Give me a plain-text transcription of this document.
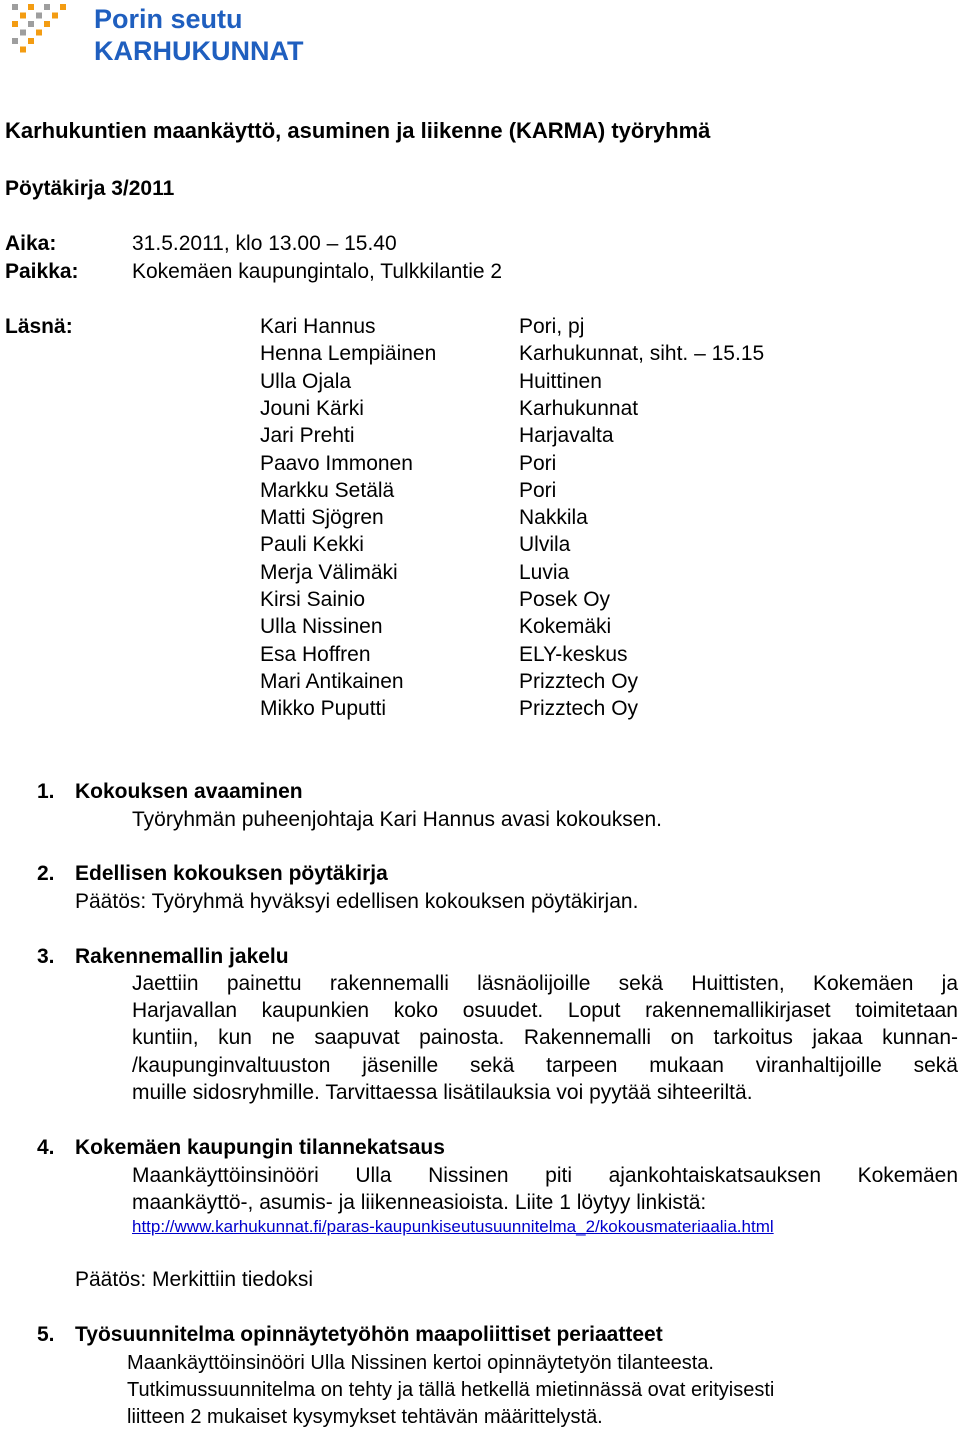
Porin seutu
KARHUKUNNAT
Karhukuntien maankäyttö, asuminen ja liikenne (KARMA) työryhmä
Pöytäkirja 3/2011
Aika:	31.5.2011, klo 13.00 – 15.40
Paikka:	Kokemäen kaupungintalo, Tulkkilantie 2
Läsnä:	Kari Hannus	Pori, pj
Henna Lempiäinen	Karhukunnat, siht. – 15.15
Ulla Ojala	Huittinen
Jouni Kärki	Karhukunnat
Jari Prehti	Harjavalta
Paavo Immonen	Pori
Markku Setälä	Pori
Matti Sjögren	Nakkila
Pauli Kekki	Ulvila
Merja Välimäki	Luvia
Kirsi Sainio	Posek Oy
Ulla Nissinen	Kokemäki
Esa Hoffren	ELY-keskus
Mari Antikainen	Prizztech Oy
Mikko Puputti	Prizztech Oy
1. Kokouksen avaaminen
Työryhmän puheenjohtaja Kari Hannus avasi kokouksen.
2. Edellisen kokouksen pöytäkirja
Päätös: Työryhmä hyväksyi edellisen kokouksen pöytäkirjan.
3. Rakennemallin jakelu
Jaettiin painettu rakennemalli läsnäolijoille sekä Huittisten, Kokemäen ja
Harjavallan kaupunkien koko osuudet. Loput rakennemallikirjaset toimitetaan
kuntiin, kun ne saapuvat painosta. Rakennemalli on tarkoitus jakaa kunnan-
/kaupunginvaltuuston jäsenille sekä tarpeen mukaan viranhaltijoille sekä
muille sidosryhmille. Tarvittaessa lisätilauksia voi pyytää sihteeriltä.
4. Kokemäen kaupungin tilannekatsaus
Maankäyttöinsinööri Ulla Nissinen piti ajankohtaiskatsauksen Kokemäen
maankäyttö-, asumis- ja liikenneasioista. Liite 1 löytyy linkistä:
http://www.karhukunnat.fi/paras-kaupunkiseutusuunnitelma_2/kokousmateriaalia.html
Päätös: Merkittiin tiedoksi
5. Työsuunnitelma opinnäytetyöhön maapoliittiset periaatteet
Maankäyttöinsinööri Ulla Nissinen kertoi opinnäytetyön tilanteesta.
Tutkimussuunnitelma on tehty ja tällä hetkellä mietinnässä ovat erityisesti
liitteen 2 mukaiset kysymykset tehtävän määrittelystä.
